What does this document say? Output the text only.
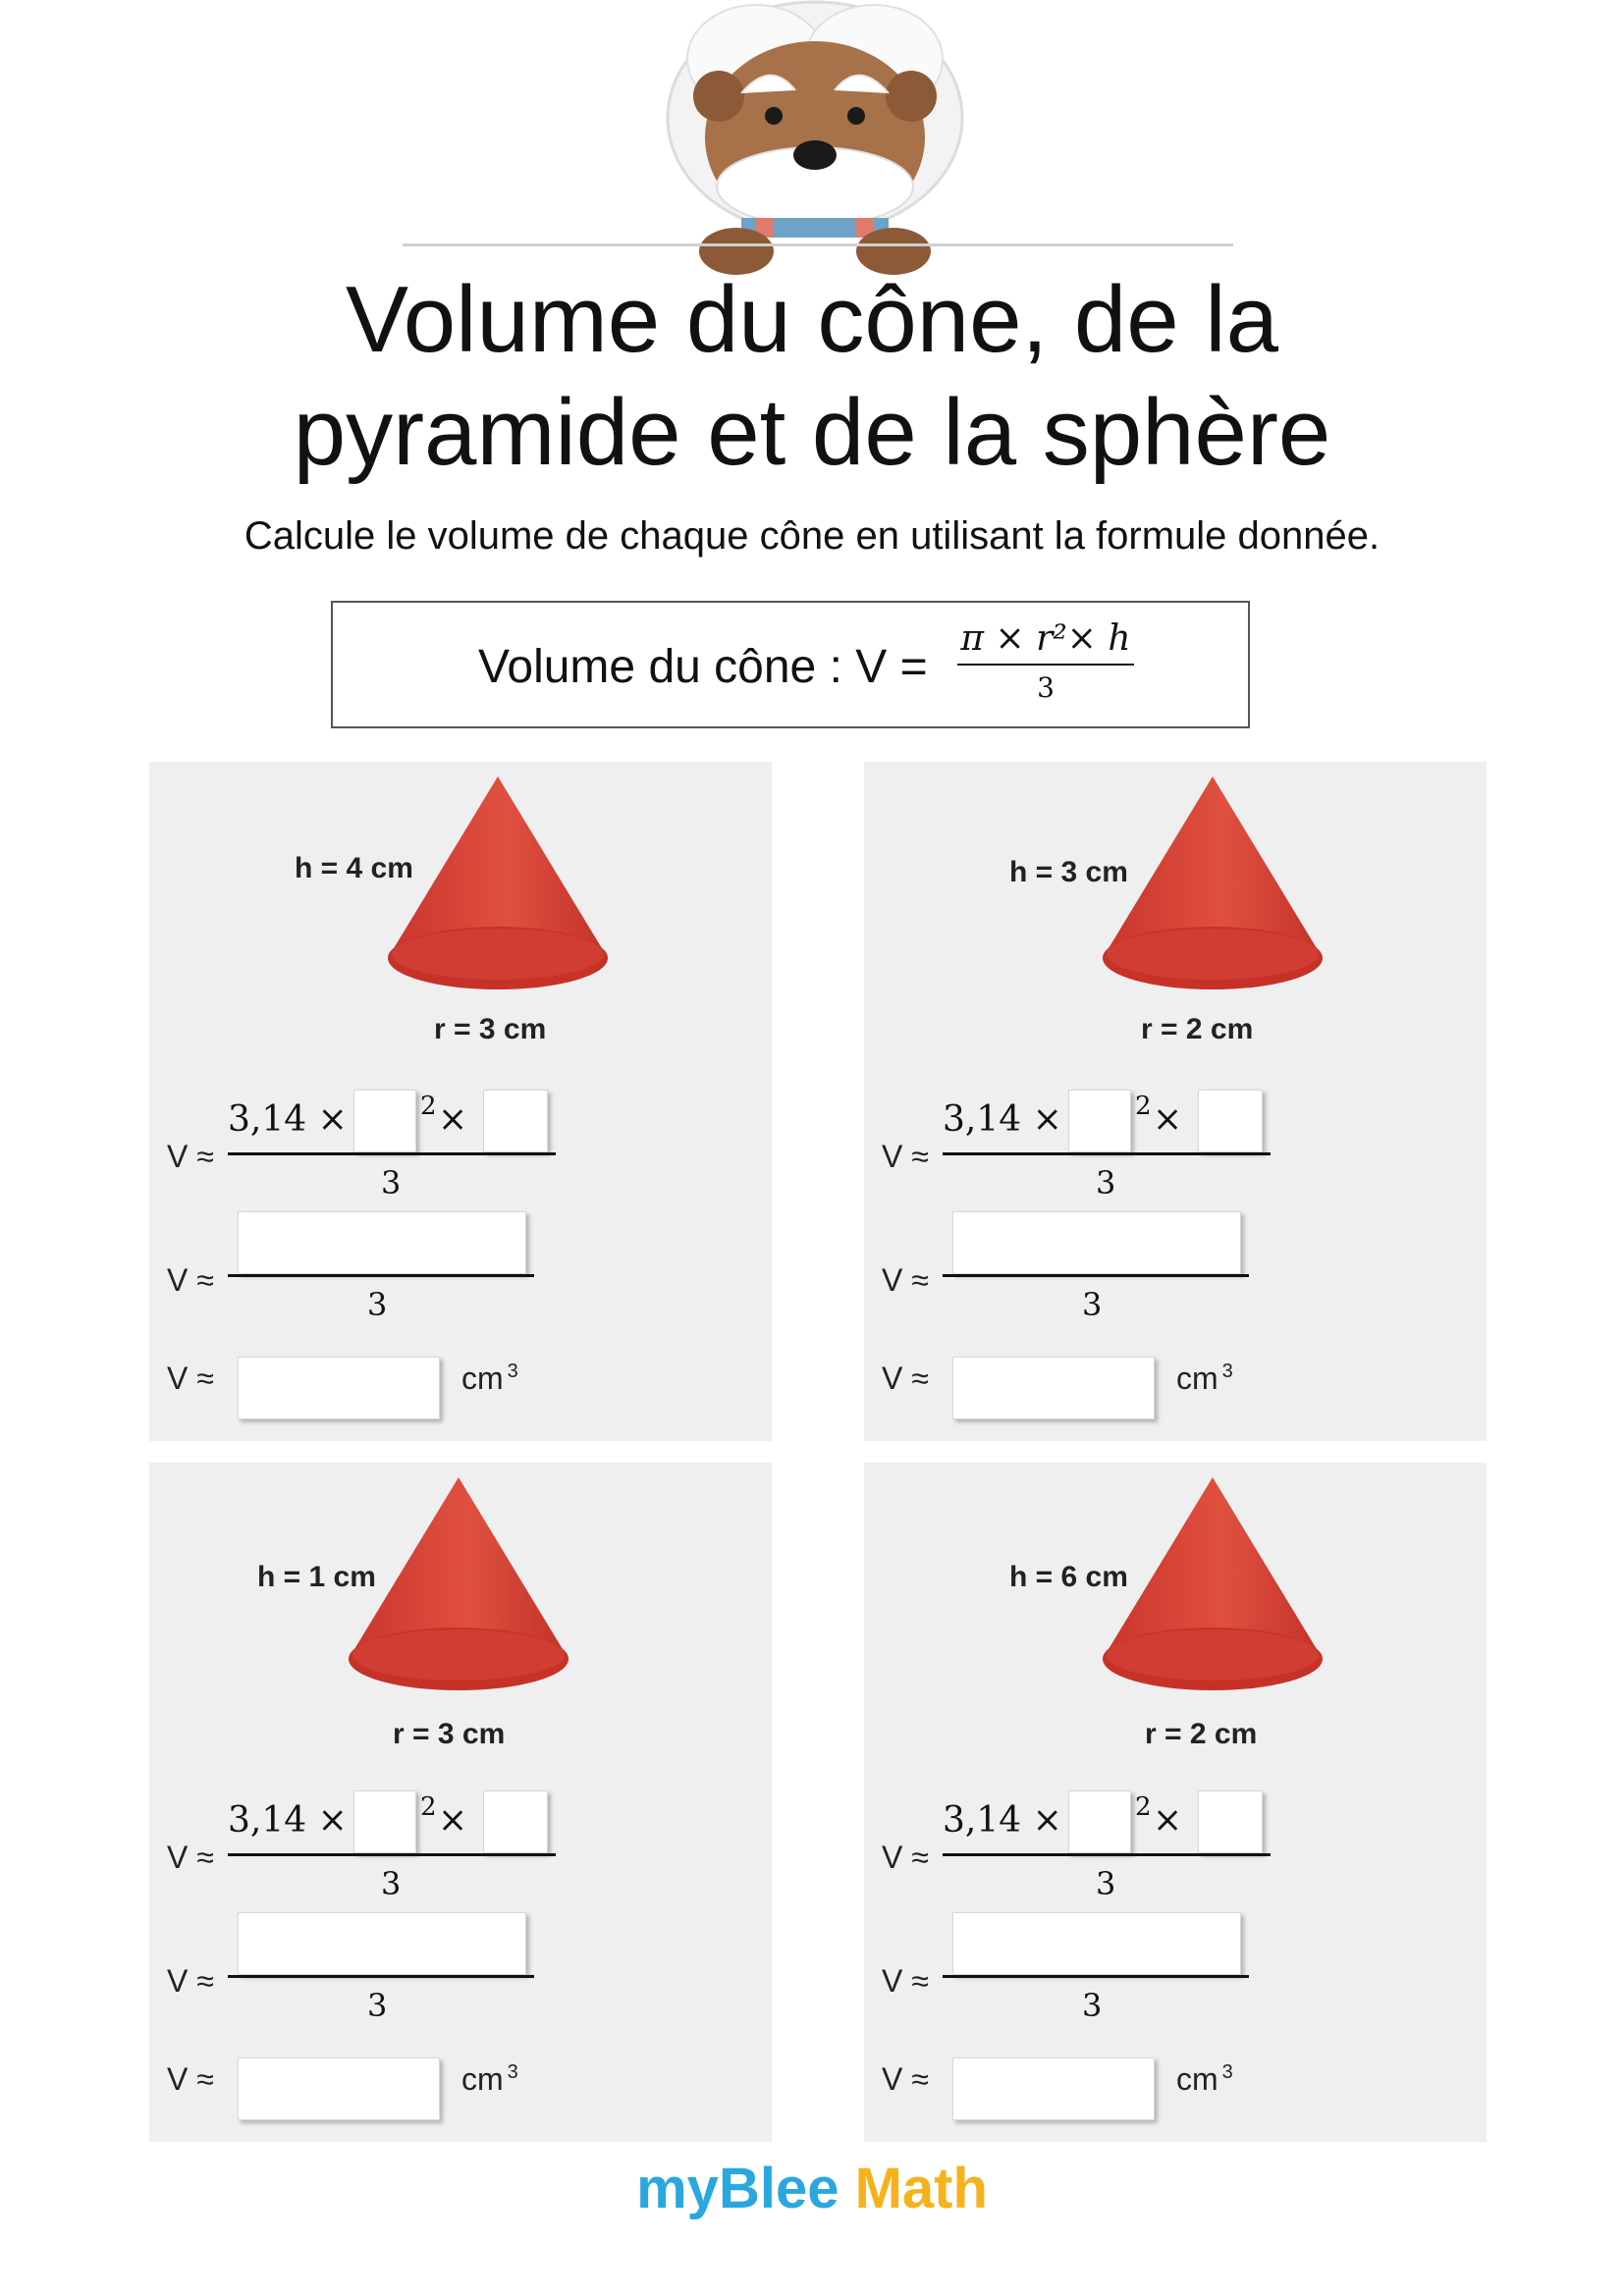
Volume du cône, de la
pyramide et de la sphère
Calcule le volume de chaque cône en utilisant la formule donnée.
Volume du cône : V =
π × r²× h
3
h = 4 cm
r = 3 cm
V ≈
3,14 ×	2 ×
3
V ≈
3
V ≈	cm $^3$
h = 3 cm
r = 2 cm
V ≈
3,14 ×	2 ×
3
V ≈
3
V ≈	cm $^3$
h = 1 cm
r = 3 cm
V ≈
3,14 ×	2 ×
3
V ≈
3
V ≈	cm $^3$
h = 6 cm
r = 2 cm
V ≈
3,14 ×	2 ×
3
V ≈
3
V ≈	cm $^3$
myBlee Math
